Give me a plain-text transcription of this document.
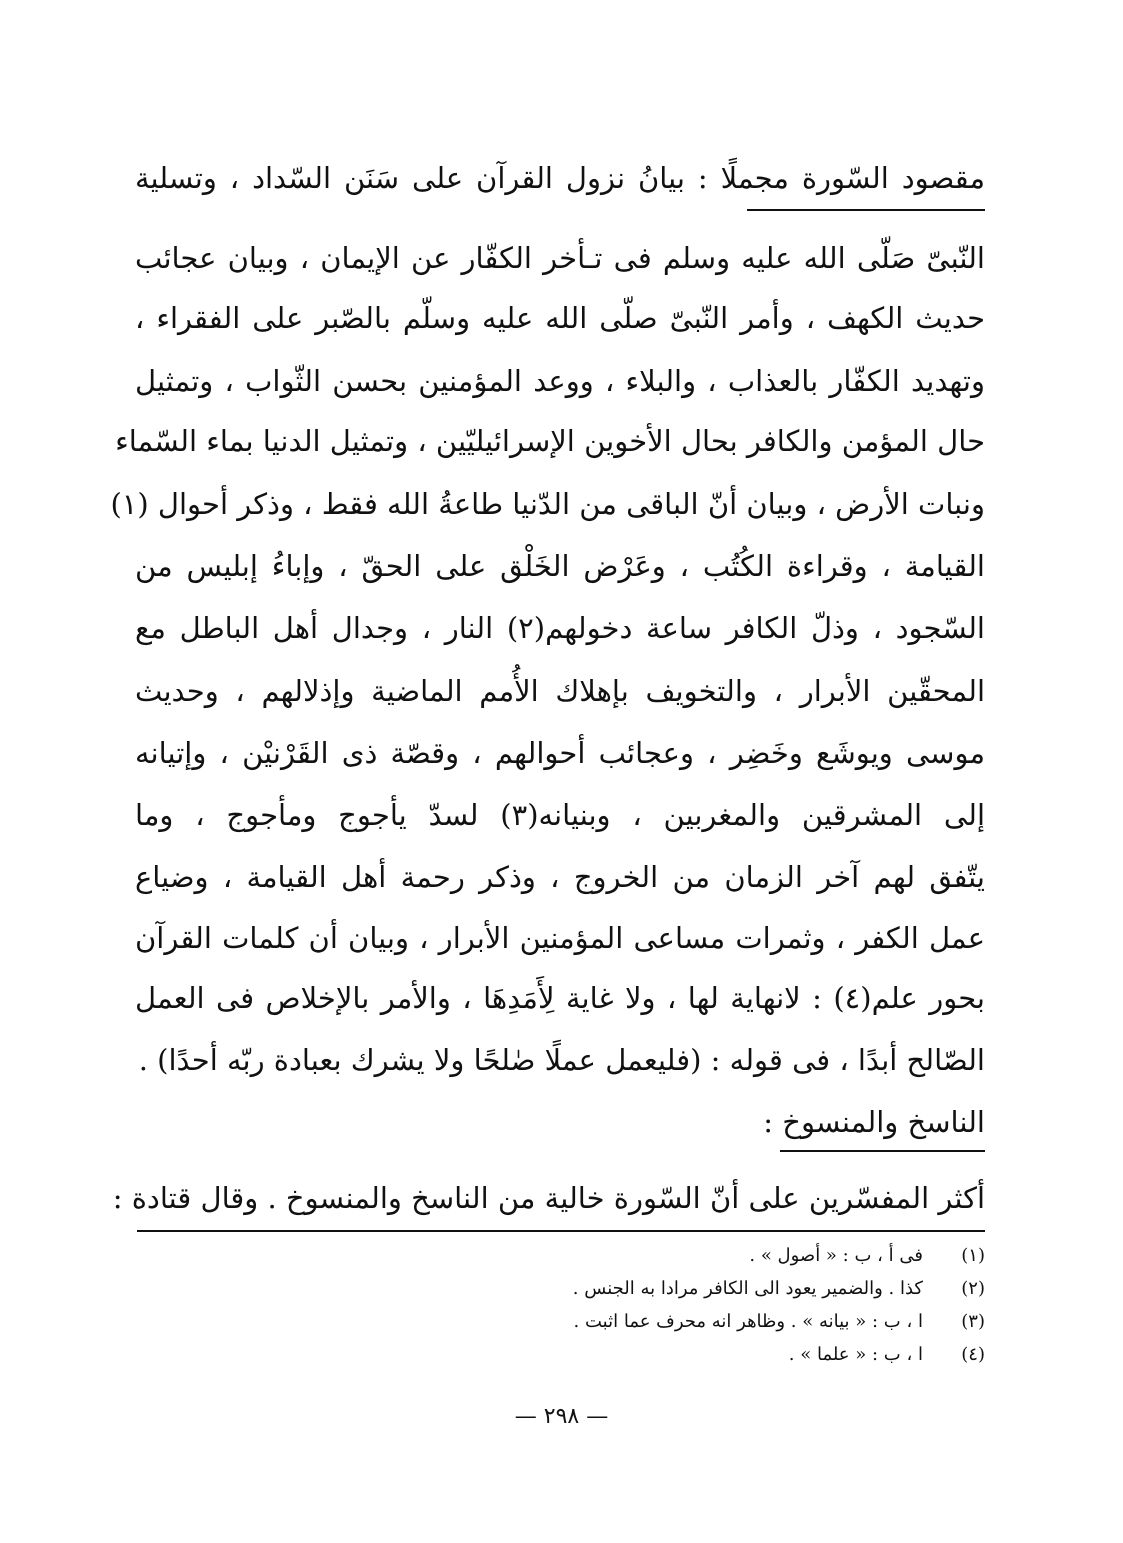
مقصود السّورة مجملًا : بيانُ نزول القرآن على سَنَن السّداد ، وتسلية
النّبىّ صَلّى الله عليه وسلم فى تـأخر الكفّار عن الإيمان ، وبيان عجائب
حديث الكهف ، وأمر النّبىّ صلّى الله عليه وسلّم بالصّبر على الفقراء ،
وتهديد الكفّار بالعذاب ، والبلاء ، ووعد المؤمنين بحسن الثّواب ، وتمثيل
حال المؤمن والكافر بحال الأخوين الإسرائيليّين ، وتمثيل الدنيا بماء السّماء
ونبات الأرض ، وبيان أنّ الباقى من الدّنيا طاعةُ الله فقط ، وذكر أحوال (١)
القيامة ، وقراءة الكُتُب ، وعَرْض الخَلْق على الحقّ ، وإباءُ إبليس من
السّجود ، وذلّ الكافر ساعة دخولهم(٢) النار ، وجدال أهل الباطل مع
المحقّين الأبرار ، والتخويف بإهلاك الأُمم الماضية وإذلالهم ، وحديث
موسى ويوشَع وخَضِر ، وعجائب أحوالهم ، وقصّة ذى القَرْنيْن ، وإتيانه
إلى المشرقين والمغربين ، وبنيانه(٣) لسدّ يأجوج ومأجوج ، وما
يتّفق لهم آخر الزمان من الخروج ، وذكر رحمة أهل القيامة ، وضياع
عمل الكفر ، وثمرات مساعى المؤمنين الأبرار ، وبيان أن كلمات القرآن
بحور علم(٤) : لانهاية لها ، ولا غاية لِأَمَدِهَا ، والأمر بالإخلاص فى العمل
الصّالح أبدًا ، فى قوله : (فليعمل عملًا صٰلحًا ولا يشرك بعبادة ربّه أحدًا) .
الناسخ والمنسوخ :
أكثر المفسّرين على أنّ السّورة خالية من الناسخ والمنسوخ . وقال قتادة :
(١)فى أ ، ب : « أصول » .
(٢)كذا . والضمير يعود الى الكافر مرادا به الجنس .
(٣)ا ، ب : « بيانه » . وظاهر انه محرف عما اثبت .
(٤)ا ، ب : « علما » .
— ٢٩٨ —
